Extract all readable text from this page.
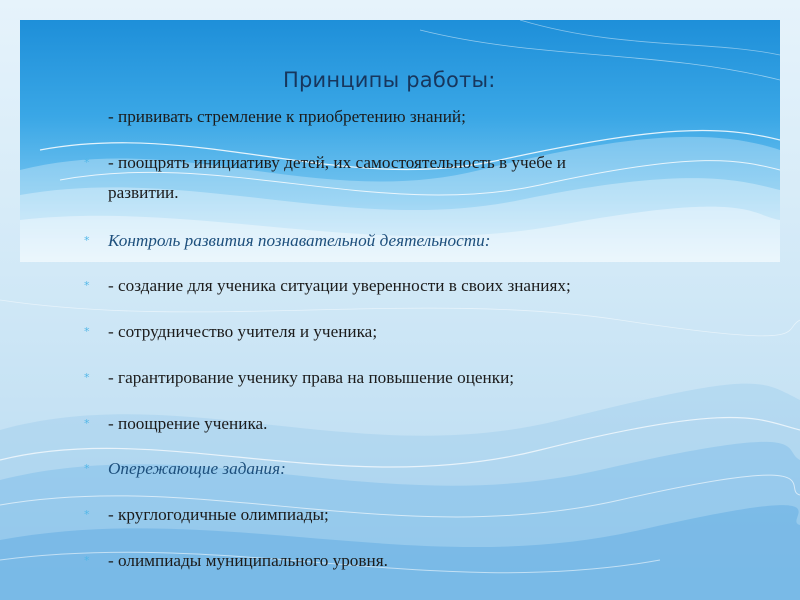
Принципы работы:
- прививать стремление к приобретению знаний;
*	- поощрять инициативу детей, их самостоятельность в учебе и
развитии.
*	Контроль развития познавательной деятельности:
*	- создание для ученика ситуации уверенности в своих знаниях;
*	- сотрудничество учителя и ученика;
*	- гарантирование ученику права на повышение оценки;
*	- поощрение ученика.
*	Опережающие задания:
*	- круглогодичные олимпиады;
*	- олимпиады муниципального уровня.
